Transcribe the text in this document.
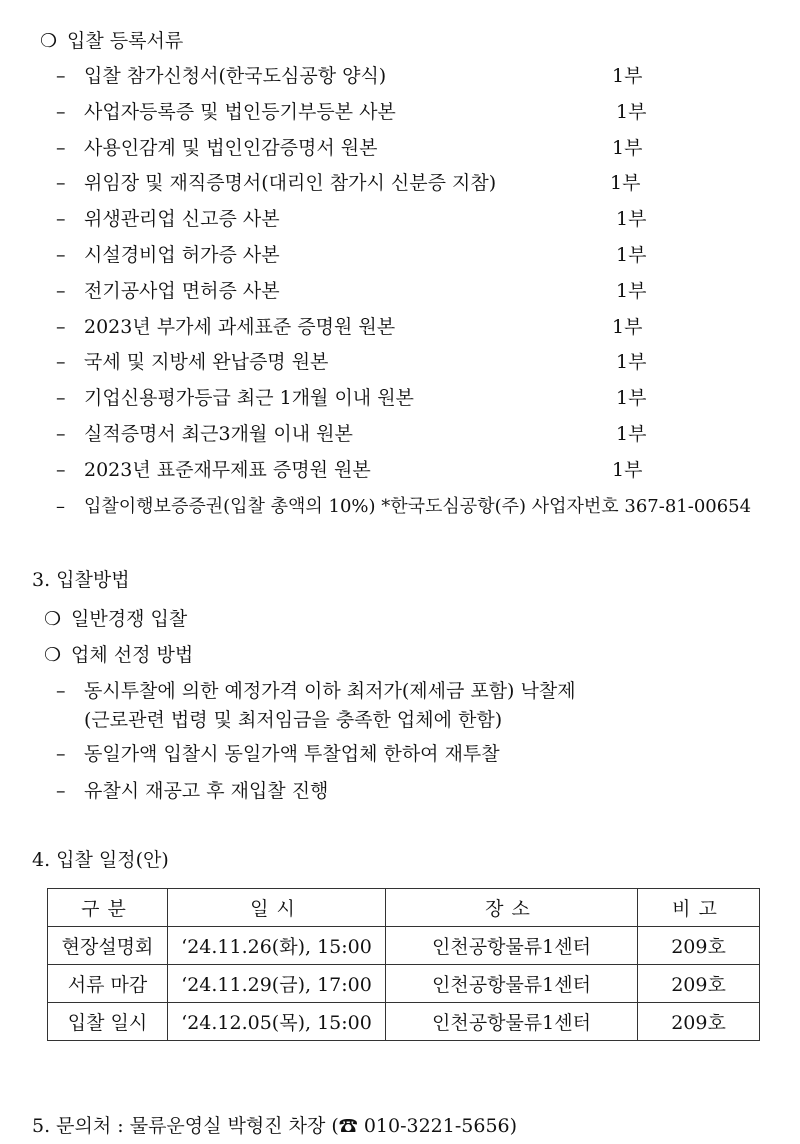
❍ 입찰 등록서류
– 입찰 참가신청서(한국도심공항 양식)	1부
– 사업자등록증 및 법인등기부등본 사본	1부
– 사용인감계 및 법인인감증명서 원본	1부
– 위임장 및 재직증명서(대리인 참가시 신분증 지참)	1부
– 위생관리업 신고증 사본	1부
– 시설경비업 허가증 사본	1부
– 전기공사업 면허증 사본	1부
– 2023년 부가세 과세표준 증명원 원본	1부
– 국세 및 지방세 완납증명 원본	1부
– 기업신용평가등급 최근 1개월 이내 원본	1부
– 실적증명서 최근3개월 이내 원본	1부
– 2023년 표준재무제표 증명원 원본	1부
– 입찰이행보증증권(입찰 총액의 10%) *한국도심공항(주) 사업자번호 367-81-00654
3. 입찰방법
❍ 일반경쟁 입찰
❍ 업체 선정 방법
– 동시투찰에 의한 예정가격 이하 최저가(제세금 포함) 낙찰제
(근로관련 법령 및 최저임금을 충족한 업체에 한함)
– 동일가액 입찰시 동일가액 투찰업체 한하여 재투찰
– 유찰시 재공고 후 재입찰 진행
4. 입찰 일정(안)
구분	일시	장소	비고
현장설명회	‘24.11.26(화), 15:00	인천공항물류1센터	209호
서류 마감	‘24.11.29(금), 17:00	인천공항물류1센터	209호
입찰 일시	‘24.12.05(목), 15:00	인천공항물류1센터	209호
5. 문의처 : 물류운영실 박형진 차장 (☎ 010-3221-5656)
